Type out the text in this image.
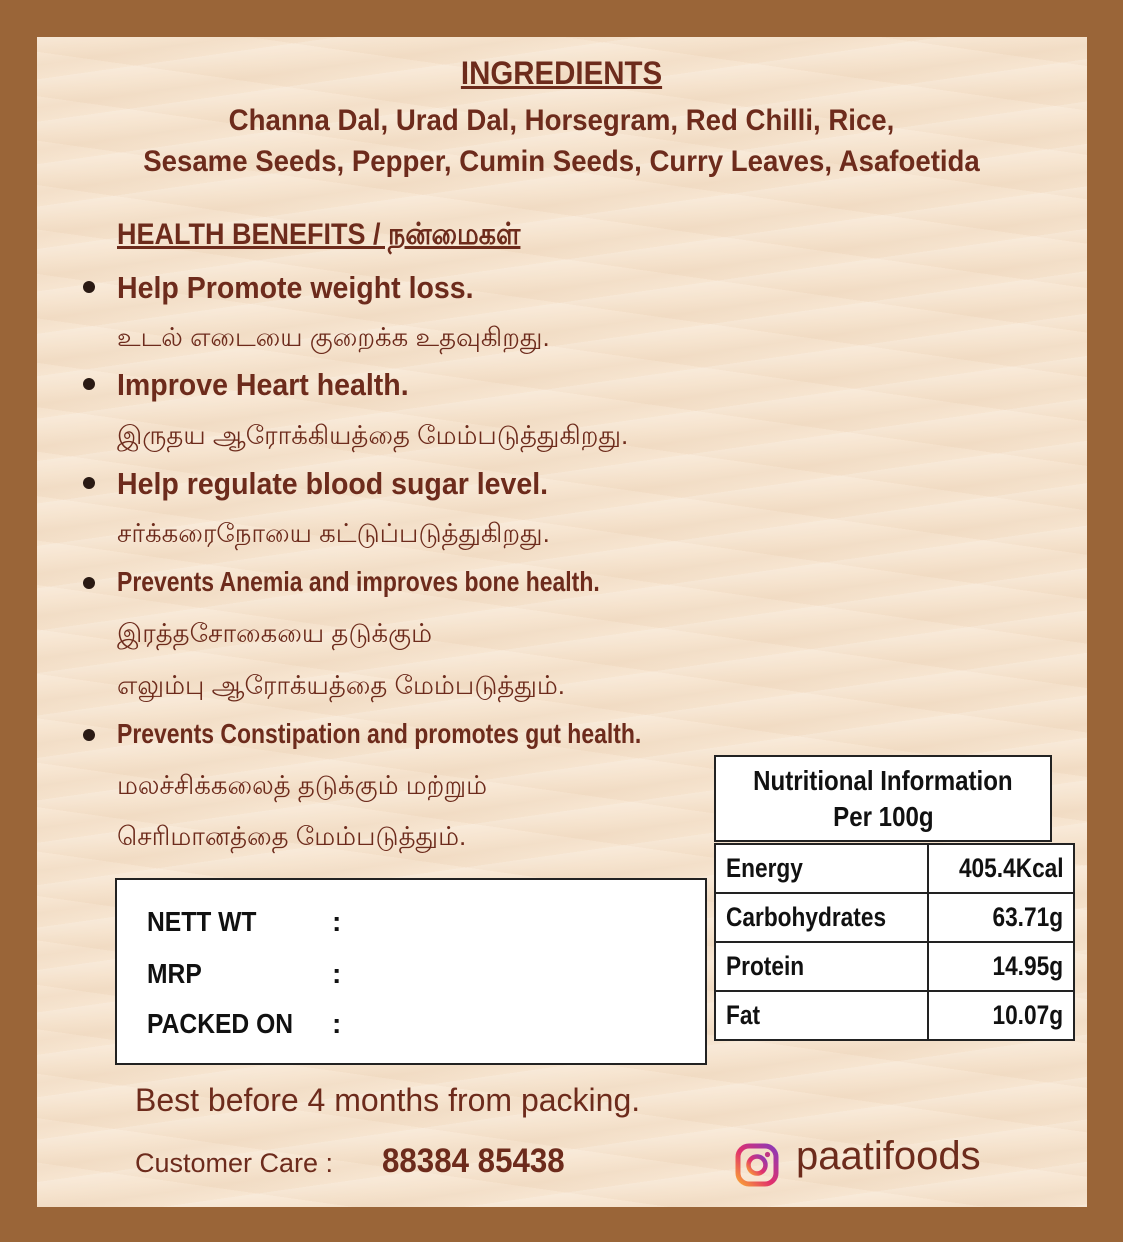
INGREDIENTS
Channa Dal, Urad Dal, Horsegram, Red Chilli, Rice,
Sesame Seeds, Pepper, Cumin Seeds, Curry Leaves, Asafoetida
HEALTH BENEFITS / நன்மைகள்
Help Promote weight loss.
உடல் எடையை குறைக்க உதவுகிறது.
Improve Heart health.
இருதய ஆரோக்கியத்தை மேம்படுத்துகிறது.
Help regulate blood sugar level.
சர்க்கரைநோயை கட்டுப்படுத்துகிறது.
Prevents Anemia and improves bone health.
இரத்தசோகையை தடுக்கும்
எலும்பு ஆரோக்யத்தை மேம்படுத்தும்.
Prevents Constipation and promotes gut health.
மலச்சிக்கலைத் தடுக்கும் மற்றும்
செரிமானத்தை மேம்படுத்தும்.
NETT WT	:
MRP	:
PACKED ON :
Nutritional Information
Per 100g
Energy	405.4Kcal
Carbohydrates	63.71g
Protein	14.95g
Fat	10.07g
Best before 4 months from packing.
Customer Care : 88384 85438	paatifoods
